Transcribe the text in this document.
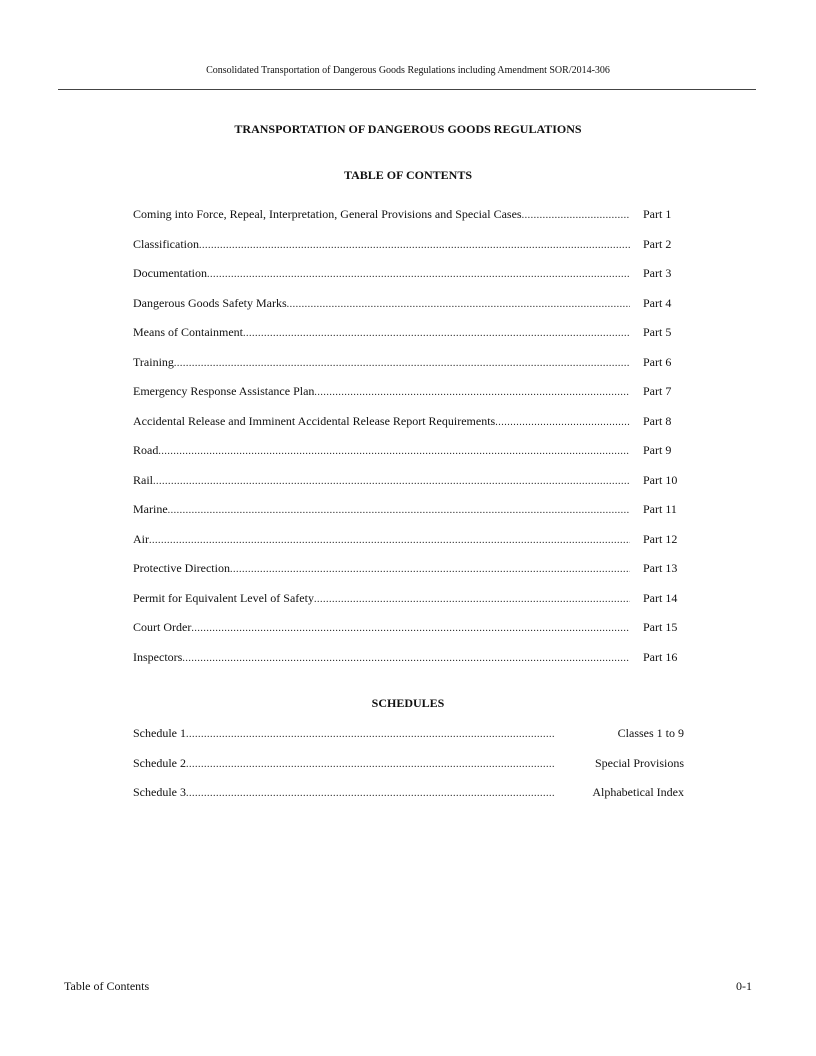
Consolidated Transportation of Dangerous Goods Regulations including Amendment SOR/2014-306
TRANSPORTATION OF DANGEROUS GOODS REGULATIONS
TABLE OF CONTENTS
Coming into Force, Repeal, Interpretation, General Provisions and Special Cases .....	Part 1
Classification .....	Part 2
Documentation .....	Part 3
Dangerous Goods Safety Marks .....	Part 4
Means of Containment .....	Part 5
Training .....	Part 6
Emergency Response Assistance Plan .....	Part 7
Accidental Release and Imminent Accidental Release Report Requirements .....	Part 8
Road .....	Part 9
Rail .....	Part 10
Marine .....	Part 11
Air .....	Part 12
Protective Direction .....	Part 13
Permit for Equivalent Level of Safety .....	Part 14
Court Order .....	Part 15
Inspectors .....	Part 16
SCHEDULES
Schedule 1 .....	Classes 1 to 9
Schedule 2 .....	Special Provisions
Schedule 3 .....	Alphabetical Index
Table of Contents	0-1
